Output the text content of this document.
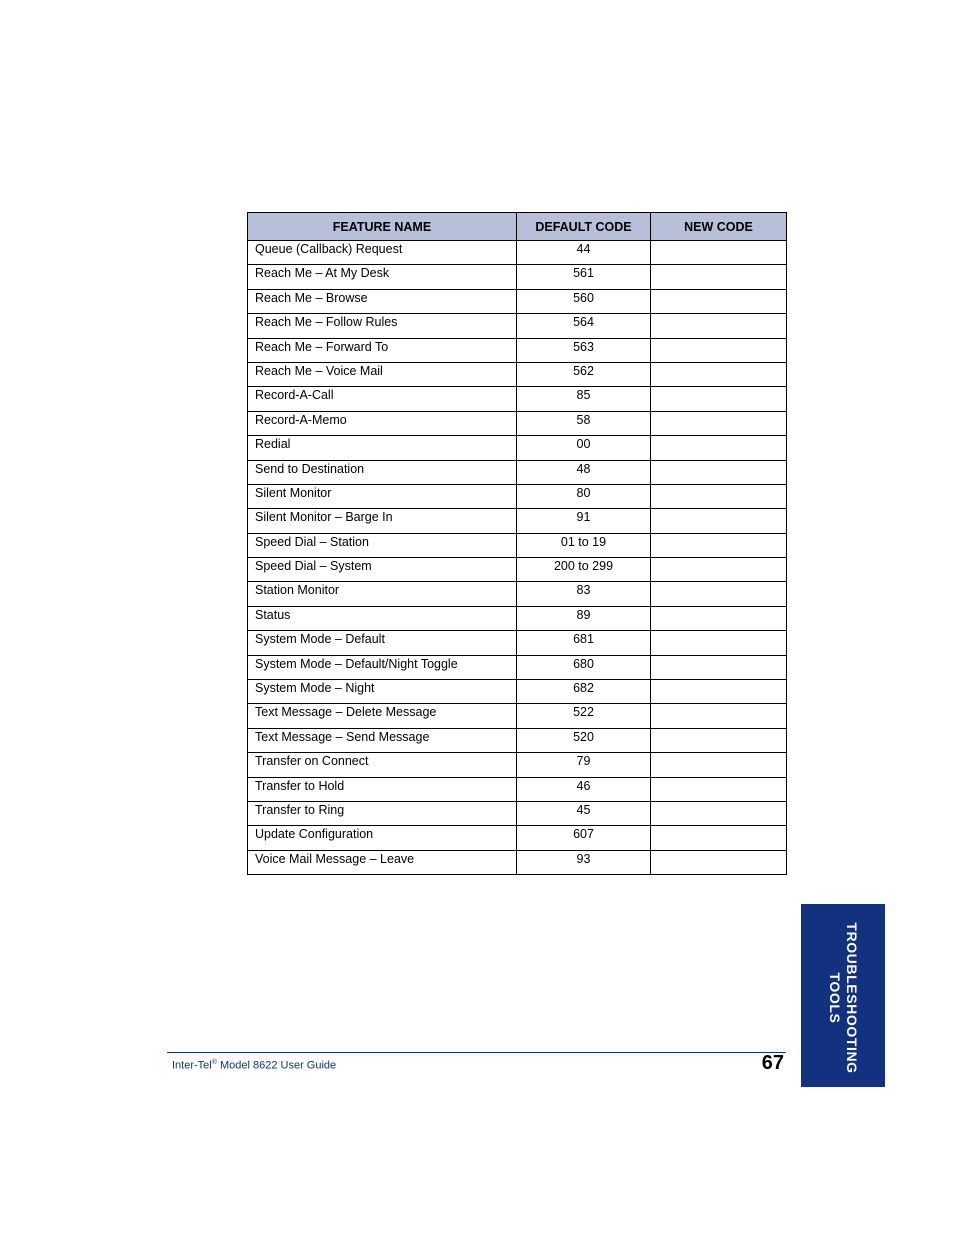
FEATURE NAME	DEFAULT CODE	NEW CODE
Queue (Callback) Request	44	
Reach Me – At My Desk	561	
Reach Me – Browse	560	
Reach Me – Follow Rules	564	
Reach Me – Forward To	563	
Reach Me – Voice Mail	562	
Record-A-Call	85	
Record-A-Memo	58	
Redial	00	
Send to Destination	48	
Silent Monitor	80	
Silent Monitor – Barge In	91	
Speed Dial – Station	01 to 19	
Speed Dial – System	200 to 299	
Station Monitor	83	
Status	89	
System Mode – Default	681	
System Mode – Default/Night Toggle	680	
System Mode – Night	682	
Text Message – Delete Message	522	
Text Message – Send Message	520	
Transfer on Connect	79	
Transfer to Hold	46	
Transfer to Ring	45	
Update Configuration	607	
Voice Mail Message – Leave	93	
TROUBLESHOOTING
TOOLS
Inter-Tel® Model 8622 User Guide	67
